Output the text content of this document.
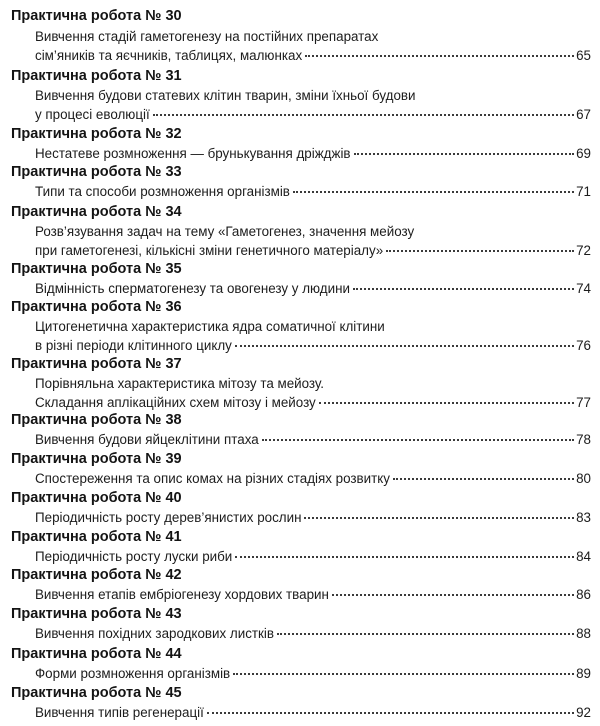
Практична робота № 30
Вивчення стадій гаметогенезу на постійних препаратах
сім’яників та яєчників, таблицях, малюнках	65
Практична робота № 31
Вивчення будови статевих клітин тварин, зміни їхньої будови
у процесі еволюції	67
Практична робота № 32
Нестатеве розмноження — брунькування дріжджів	69
Практична робота № 33
Типи та способи розмноження організмів	71
Практична робота № 34
Розв’язування задач на тему «Гаметогенез, значення мейозу
при гаметогенезі, кількісні зміни генетичного матеріалу»	72
Практична робота № 35
Відмінність сперматогенезу та овогенезу у людини	74
Практична робота № 36
Цитогенетична характеристика ядра соматичної клітини
в різні періоди клітинного циклу	76
Практична робота № 37
Порівняльна характеристика мітозу та мейозу.
Складання аплікаційних схем мітозу і мейозу	77
Практична робота № 38
Вивчення будови яйцеклітини птаха	78
Практична робота № 39
Спостереження та опис комах на різних стадіях розвитку	80
Практична робота № 40
Періодичність росту дерев’янистих рослин	83
Практична робота № 41
Періодичність росту луски риби	84
Практична робота № 42
Вивчення етапів ембріогенезу хордових тварин	86
Практична робота № 43
Вивчення похідних зародкових листків	88
Практична робота № 44
Форми розмноження організмів	89
Практична робота № 45
Вивчення типів регенерації	92
